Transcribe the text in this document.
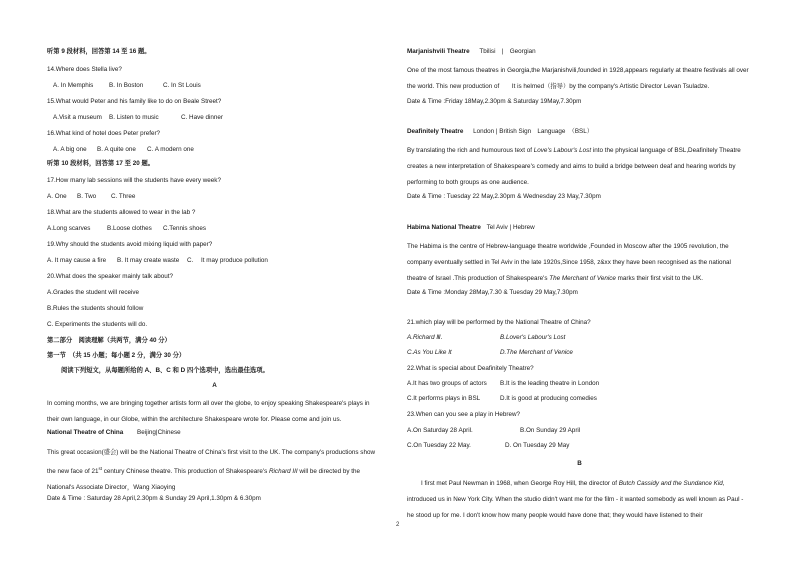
听第 9 段材料，回答第 14 至 16 题。
14.Where does Stella live?
A. In Memphis	B. In Boston	C. In St Louis
15.What would Peter and his family like to do on Beale Street?
A.Visit a museum B. Listen to music	C. Have dinner
16.What kind of hotel does Peter prefer?
A. A big one B. A quite one C. A modern one
听第 10 段材料，回答第 17 至 20 题。
17.How many lab sessions will the students have every week?
A. One B. Two C. Three
18.What are the students allowed to wear in the lab ?
A.Long scarves	B.Loose clothes C.Tennis shoes
19.Why should the students avoid mixing liquid with paper?
A. It may cause a fire B. It may create waste C. It may produce pollution
20.What does the speaker mainly talk about?
A.Grades the student will receive
B.Rules the students should follow
C. Experiments the students will do.
第二部分　阅读理解（共两节，满分 40 分）
第一节　（共 15 小题；每小题 2 分，满分 30 分）
阅读下列短文，从每题所给的 A、B、C 和 D 四个选项中，选出最佳选项。
A
In coming months, we are bringing together artists form all over the globe, to enjoy speaking Shakespeare's plays in their own language, in our Globe, within the architecture Shakespeare wrote for. Please come and join us.
National Theatre of China Beijing|Chinese
This great occasion(盛会) will be the National Theatre of China's first visit to the UK. The company's productions show the new face of 21st century Chinese theatre. This production of Shakespeare's Richard III will be directed by the National's Associate Director，Wang Xiaoying
Date & Time : Saturday 28 April,2.30pm & Sunday 29 April,1.30pm & 6.30pm
Marjanishvili Theatre Tbilisi　|　Georgian
One of the most famous theatres in Georgia,the Marjanishvili,founded in 1928,appears regularly at theatre festivals all over the world. This new production of　　It is helmed（指导）by the company's Artistic Director Levan Tsuladze.
Date & Time :Friday 18May,2.30pm & Saturday 19May,7.30pm
Deafinitely Theatre London | British Sign　Language　（BSL）
By translating the rich and humourous text of Love's Labour's Lost into the physical language of BSL,Deafinitely Theatre creates a new interpretation of Shakespeare's comedy and aims to build a bridge between deaf and hearing worlds by performing to both groups as one audience.
Date & Time : Tuesday 22 May,2.30pm & Wednesday 23 May,7.30pm
Habima National Theatre Tel Aviv | Hebrew
The Habima is the centre of Hebrew-language theatre worldwide ,Founded in Moscow after the 1905 revolution, the company eventually settled in Tel Aviv in the late 1920s,Since 1958, z&xx they have been recognised as the national theatre of Israel .This production of Shakespeare's The Merchant of Venice marks their first visit to the UK.
Date & Time :Monday 28May,7.30 & Tuesday 29 May,7.30pm
21.which play will be performed by the National Theatre of China?
A.Richard Ⅲ.	B.Lover's Labour's Lost
C.As You Like It	D.The Merchant of Venice
22.What is special about Deafinitely Theatre?
A.It has two groups of actors B.It is the leading theatre in London
C.It performs plays in BSL	D.It is good at producing comedies
23.When can you see a play in Hebrew?
A.On Saturday 28 April.	B.On Sunday 29 April
C.On Tuesday 22 May.	D. On Tuesday 29 May
B
I first met Paul Newman in 1968, when George Roy Hill, the director of Butch Cassidy and the Sundance Kid, introduced us in New York City. When the studio didn't want me for the film - it wanted somebody as well known as Paul - he stood up for me. I don't know how many people would have done that; they would have listened to their
2
